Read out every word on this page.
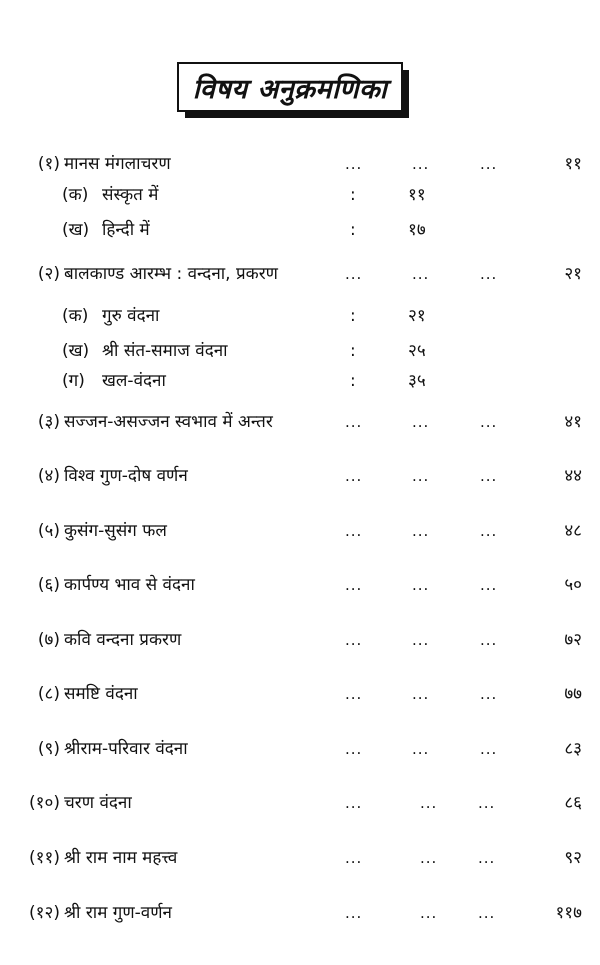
विषय अनुक्रमणिका
(१) मानस मंगलाचरण	...	...	...	११
(क) संस्कृत में	:	११
(ख) हिन्दी में	:	१७
(२) बालकाण्ड आरम्भ : वन्दना, प्रकरण	...	...	...	२१
(क) गुरु वंदना	:	२१
(ख) श्री संत-समाज वंदना	:	२५
(ग) खल-वंदना	:	३५
(३) सज्जन-असज्जन स्वभाव में अन्तर	...	...	...	४१
(४) विश्व गुण-दोष वर्णन	...	...	...	४४
(५) कुसंग-सुसंग फल	...	...	...	४८
(६) कार्पण्य भाव से वंदना	...	...	...	५०
(७) कवि वन्दना प्रकरण	...	...	...	७२
(८) समष्टि वंदना	...	...	...	७७
(९) श्रीराम-परिवार वंदना	...	...	...	८३
(१०) चरण वंदना	...	...	...	८६
(११) श्री राम नाम महत्त्व	...	...	...	९२
(१२) श्री राम गुण-वर्णन	...	...	...	११७
